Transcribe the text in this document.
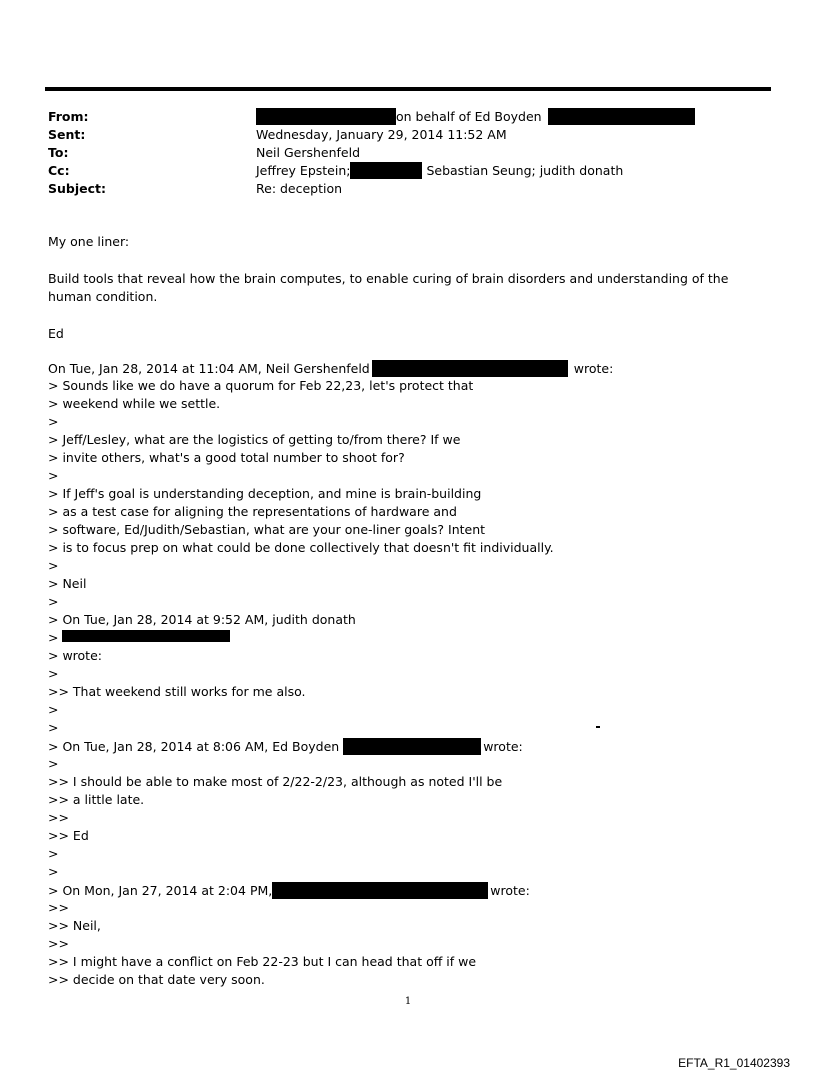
From:	on behalf of Ed Boyden
Sent:	Wednesday, January 29, 2014 11:52 AM
To:	Neil Gershenfeld
Cc:	Jeffrey Epstein;	Sebastian Seung; judith donath
Subject:	Re: deception
My one liner:
Build tools that reveal how the brain computes, to enable curing of brain disorders and understanding of the human condition.
Ed
On Tue, Jan 28, 2014 at 11:04 AM, Neil Gershenfeld	wrote:
> Sounds like we do have a quorum for Feb 22,23, let's protect that
> weekend while we settle.
>
> Jeff/Lesley, what are the logistics of getting to/from there? If we
> invite others, what's a good total number to shoot for?
>
> If Jeff's goal is understanding deception, and mine is brain-building
> as a test case for aligning the representations of hardware and
> software, Ed/Judith/Sebastian, what are your one-liner goals? Intent
> is to focus prep on what could be done collectively that doesn't fit individually.
>
> Neil
>
> On Tue, Jan 28, 2014 at 9:52 AM, judith donath
>
> wrote:
>
>> That weekend still works for me also.
>
>
> On Tue, Jan 28, 2014 at 8:06 AM, Ed Boyden	wrote:
>
>> I should be able to make most of 2/22-2/23, although as noted I'll be
>> a little late.
>>
>> Ed
>
>
> On Mon, Jan 27, 2014 at 2:04 PM,	wrote:
>>
>> Neil,
>>
>> I might have a conflict on Feb 22-23 but I can head that off if we
>> decide on that date very soon.
1
EFTA_R1_01402393
